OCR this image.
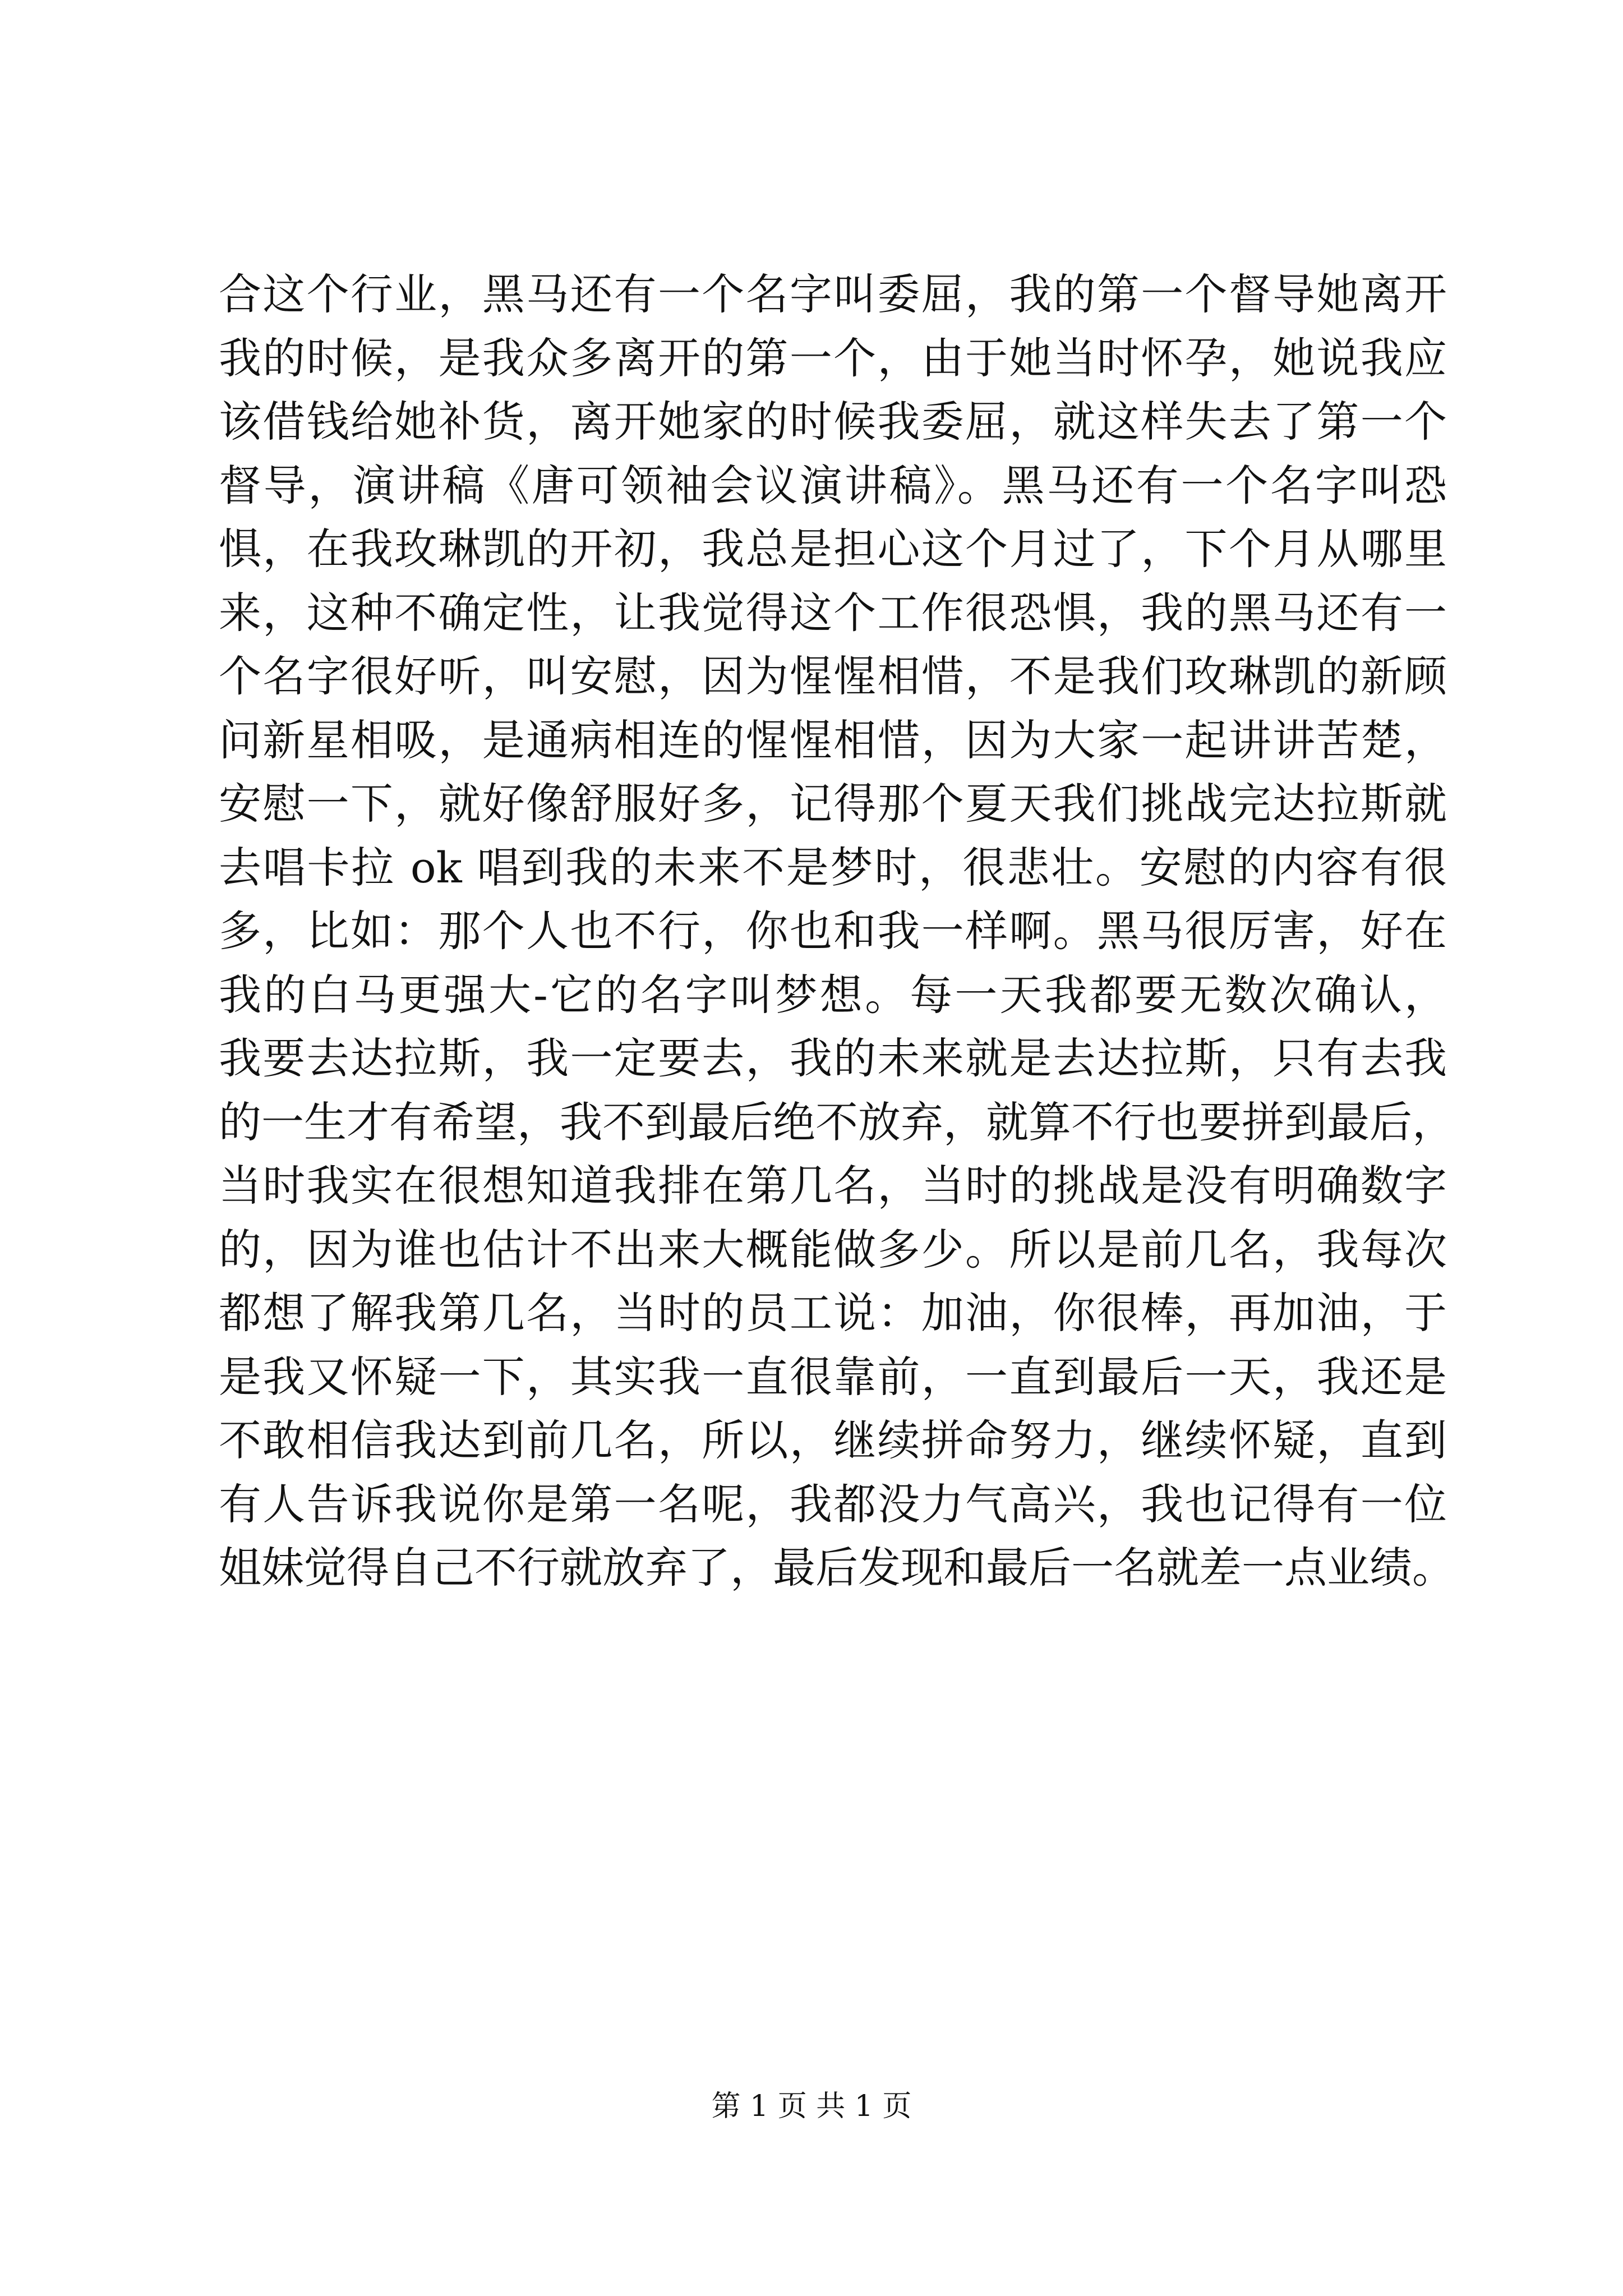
合这个行业，黑马还有一个名字叫委屈，我的第一个督导她离开
我的时候，是我众多离开的第一个，由于她当时怀孕，她说我应
该借钱给她补货，离开她家的时候我委屈，就这样失去了第一个
督导，演讲稿《唐可领袖会议演讲稿》。黑马还有一个名字叫恐
惧，在我玫琳凯的开初，我总是担心这个月过了，下个月从哪里
来，这种不确定性，让我觉得这个工作很恐惧，我的黑马还有一
个名字很好听，叫安慰，因为惺惺相惜，不是我们玫琳凯的新顾
问新星相吸，是通病相连的惺惺相惜，因为大家一起讲讲苦楚，
安慰一下，就好像舒服好多，记得那个夏天我们挑战完达拉斯就
去唱卡拉 ok 唱到我的未来不是梦时，很悲壮。安慰的内容有很
多，比如：那个人也不行，你也和我一样啊。黑马很厉害，好在
我的白马更强大-它的名字叫梦想。每一天我都要无数次确认，
我要去达拉斯，我一定要去，我的未来就是去达拉斯，只有去我
的一生才有希望，我不到最后绝不放弃，就算不行也要拼到最后，
当时我实在很想知道我排在第几名，当时的挑战是没有明确数字
的，因为谁也估计不出来大概能做多少。所以是前几名，我每次
都想了解我第几名，当时的员工说：加油，你很棒，再加油，于
是我又怀疑一下，其实我一直很靠前，一直到最后一天，我还是
不敢相信我达到前几名，所以，继续拼命努力，继续怀疑，直到
有人告诉我说你是第一名呢，我都没力气高兴，我也记得有一位
姐妹觉得自己不行就放弃了，最后发现和最后一名就差一点业绩。
第 1 页 共 1 页
